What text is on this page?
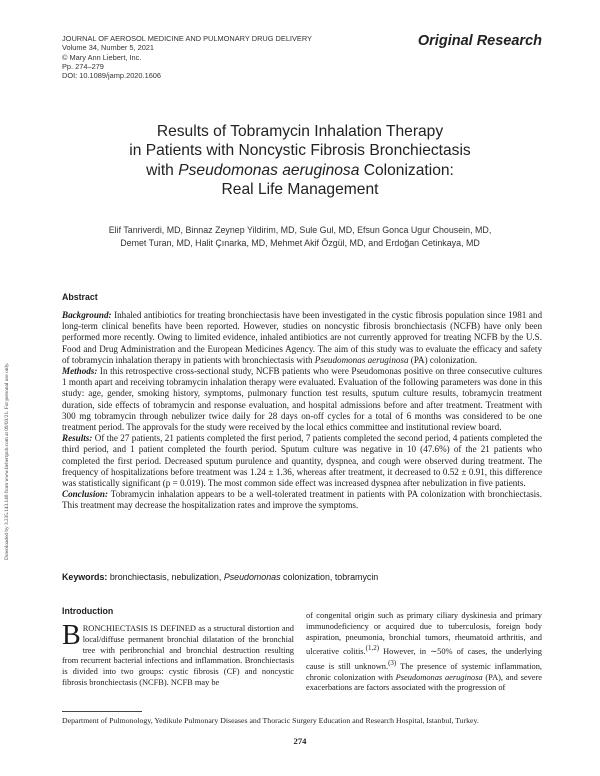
JOURNAL OF AEROSOL MEDICINE AND PULMONARY DRUG DELIVERY
Volume 34, Number 5, 2021
© Mary Ann Liebert, Inc.
Pp. 274–279
DOI: 10.1089/jamp.2020.1606
Original Research
Results of Tobramycin Inhalation Therapy
in Patients with Noncystic Fibrosis Bronchiectasis
with Pseudomonas aeruginosa Colonization:
Real Life Management
Elif Tanriverdi, MD, Binnaz Zeynep Yildirim, MD, Sule Gul, MD, Efsun Gonca Ugur Chousein, MD,
Demet Turan, MD, Halit Çınarka, MD, Mehmet Akif Özgül, MD, and Erdoğan Cetinkaya, MD
Downloaded by 3.235.143.148 from www.liebertpub.com at 09/03/21. For personal use only.
Abstract

Background: Inhaled antibiotics for treating bronchiectasis have been investigated in the cystic fibrosis population since 1981 and long-term clinical benefits have been reported. However, studies on noncystic fibrosis bronchiectasis (NCFB) have only been performed more recently. Owing to limited evidence, inhaled antibiotics are not currently approved for treating NCFB by the U.S. Food and Drug Administration and the European Medicines Agency. The aim of this study was to evaluate the efficacy and safety of tobramycin inhalation therapy in patients with bronchiectasis with Pseudomonas aeruginosa (PA) colonization.

Methods: In this retrospective cross-sectional study, NCFB patients who were Pseudomonas positive on three consecutive cultures 1 month apart and receiving tobramycin inhalation therapy were evaluated. Evaluation of the following parameters was done in this study: age, gender, smoking history, symptoms, pulmonary function test results, sputum culture results, tobramycin treatment duration, side effects of tobramycin and response evaluation, and hospital admissions before and after treatment. Treatment with 300 mg tobramycin through nebulizer twice daily for 28 days on-off cycles for a total of 6 months was considered to be one treatment period. The approvals for the study were received by the local ethics committee and institutional review board.

Results: Of the 27 patients, 21 patients completed the first period, 7 patients completed the second period, 4 patients completed the third period, and 1 patient completed the fourth period. Sputum culture was negative in 10 (47.6%) of the 21 patients who completed the first period. Decreased sputum purulence and quantity, dyspnea, and cough were observed during treatment. The frequency of hospitalizations before treatment was 1.24 ± 1.36, whereas after treatment, it decreased to 0.52 ± 0.91, this difference was statistically significant (p = 0.019). The most common side effect was increased dyspnea after nebulization in five patients.

Conclusion: Tobramycin inhalation appears to be a well-tolerated treatment in patients with PA colonization with bronchiectasis. This treatment may decrease the hospitalization rates and improve the symptoms.

Keywords: bronchiectasis, nebulization, Pseudomonas colonization, tobramycin
Introduction
BRONCHIECTASIS IS DEFINED as a structural distortion and local/diffuse permanent bronchial dilatation of the bronchial tree with peribronchial and bronchial destruction resulting from recurrent bacterial infections and inflammation. Bronchiectasis is divided into two groups: cystic fibrosis (CF) and noncystic fibrosis bronchiectasis (NCFB). NCFB may be
of congenital origin such as primary ciliary dyskinesia and primary immunodeficiency or acquired due to tuberculosis, foreign body aspiration, pneumonia, bronchial tumors, rheumatoid arthritis, and ulcerative colitis.$^{(1,2)}$ However, in ∼50% of cases, the underlying cause is still unknown.$^{(3)}$ The presence of systemic inflammation, chronic colonization with Pseudomonas aeruginosa (PA), and severe exacerbations are factors associated with the progression of
Department of Pulmonology, Yedikule Pulmonary Diseases and Thoracic Surgery Education and Research Hospital, Istanbul, Turkey.
274
